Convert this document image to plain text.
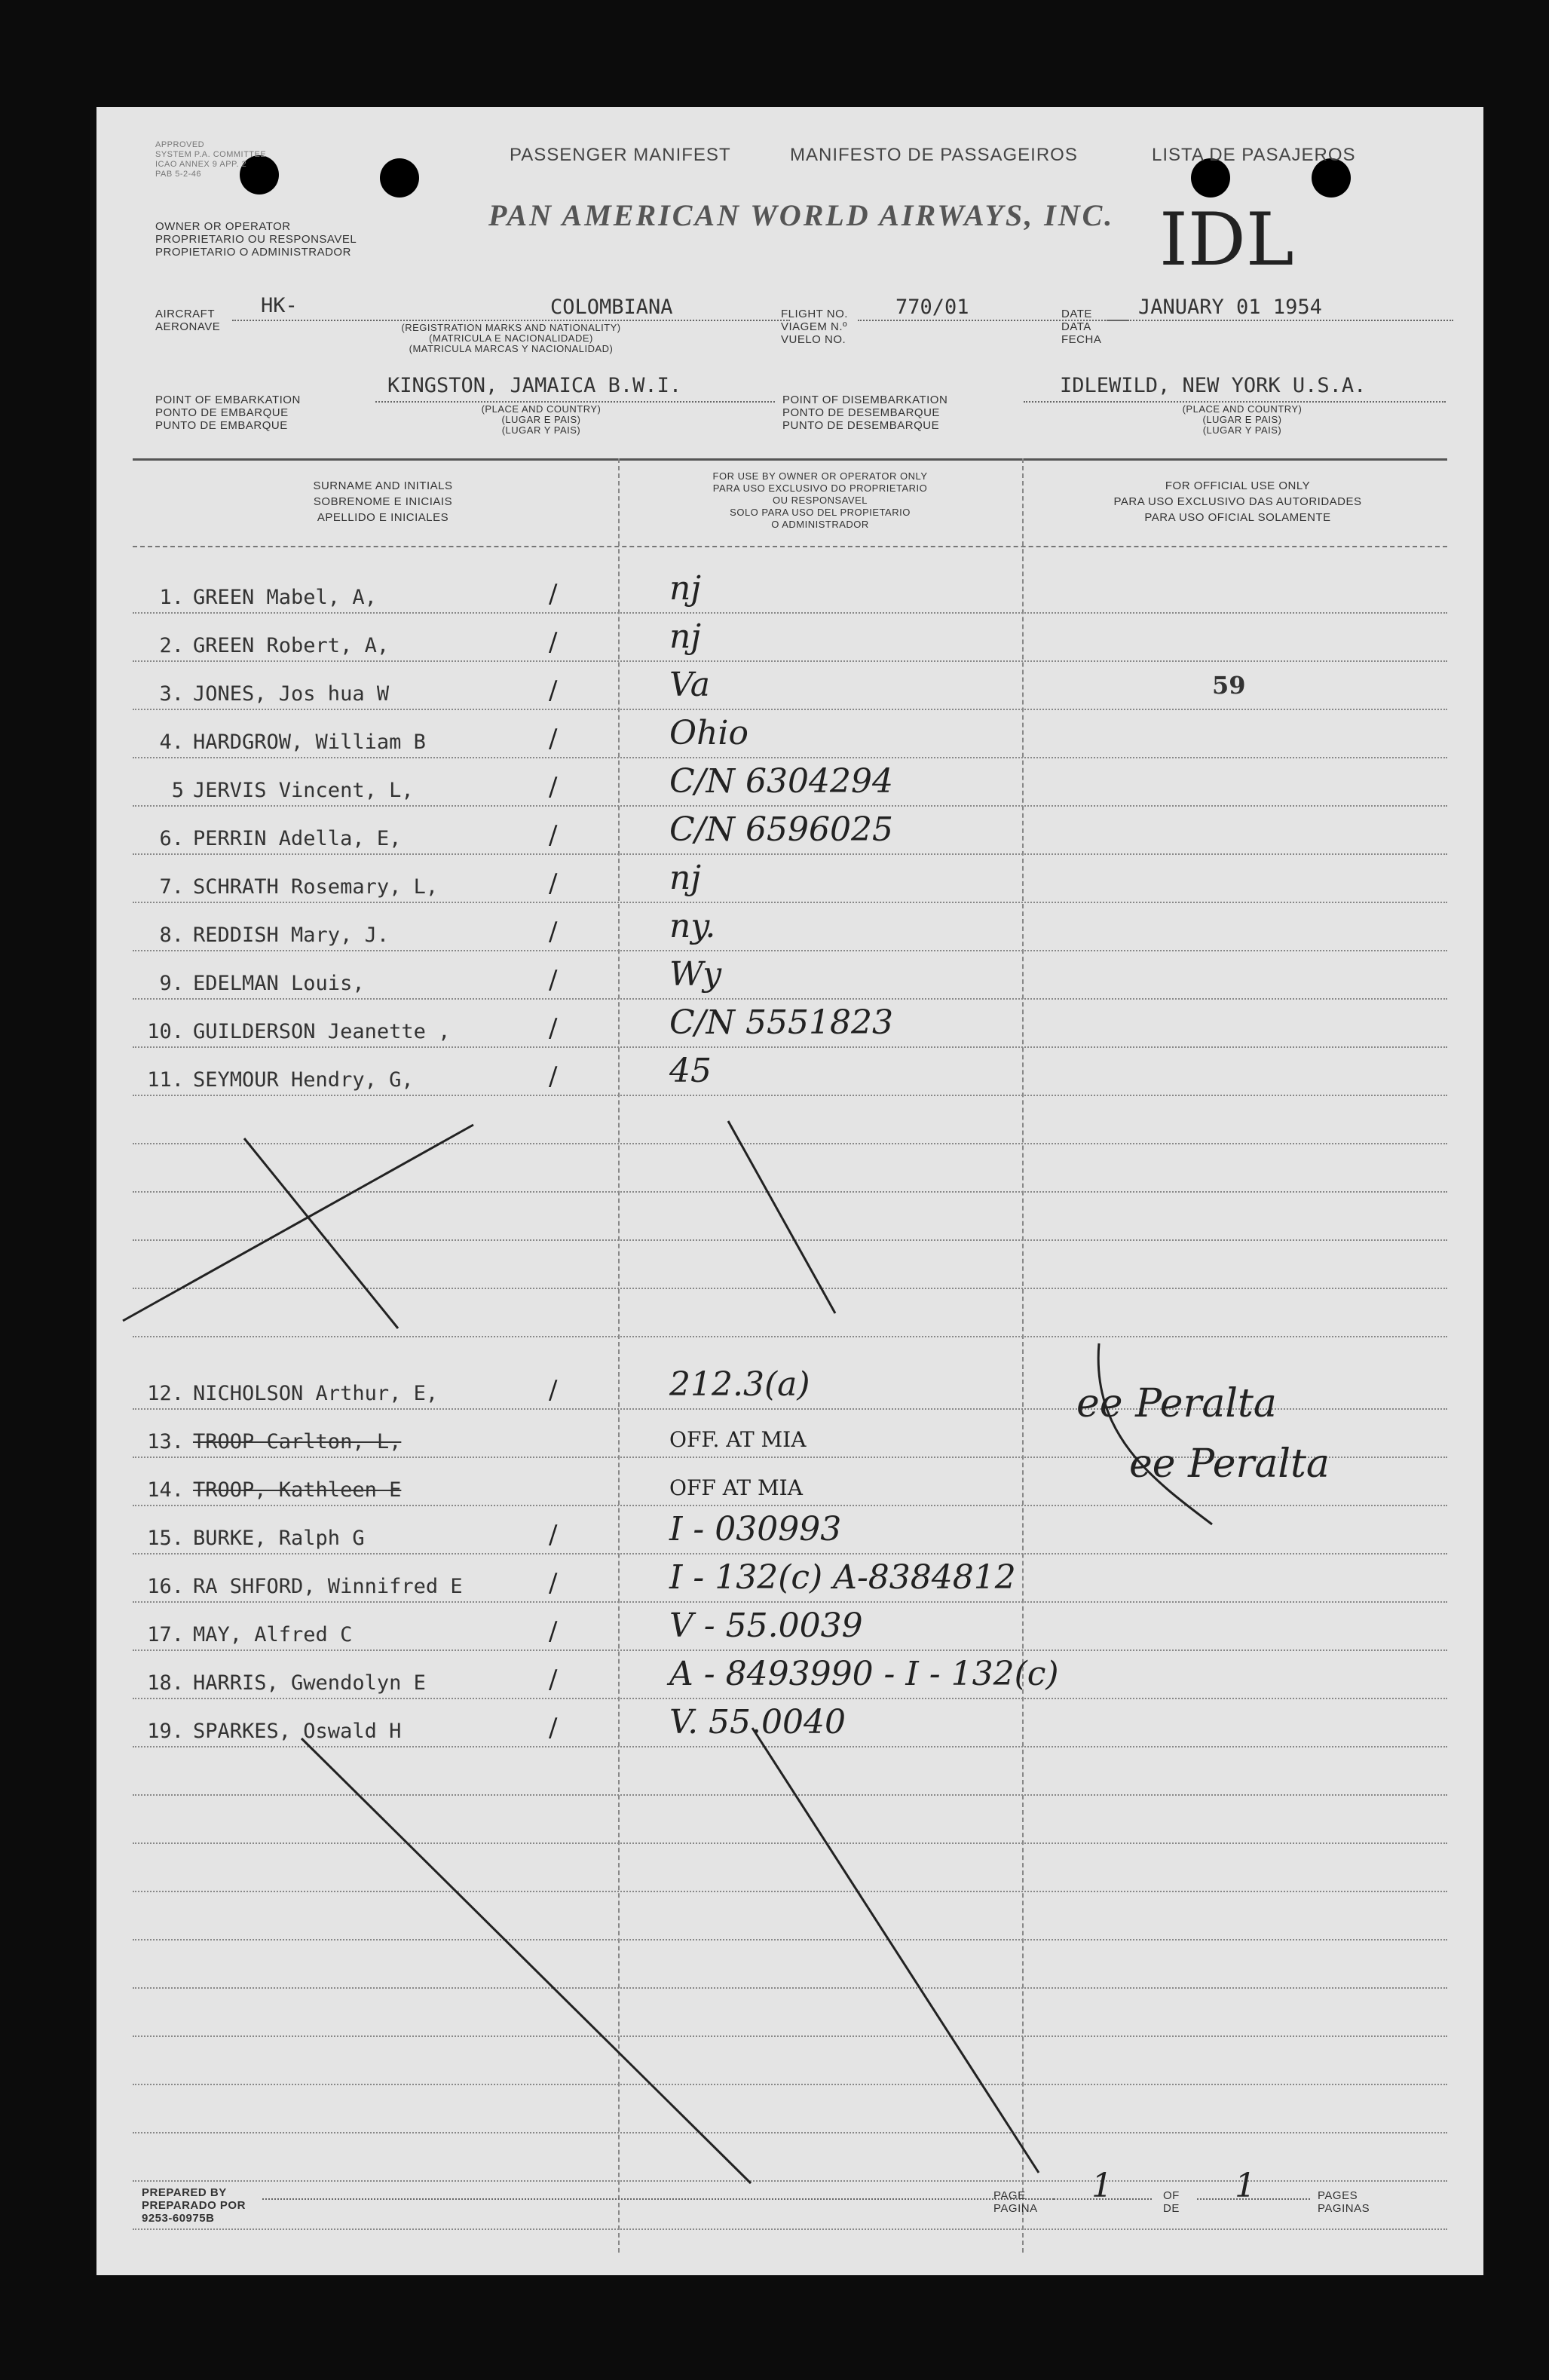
APPROVED
SYSTEM P.A. COMMITTEE
ICAO ANNEX 9 APP. 2
PAB 5-2-46
OWNER OR OPERATOR
PROPRIETARIO OU RESPONSAVEL
PROPIETARIO O ADMINISTRADOR
PASSENGER MANIFEST	MANIFESTO DE PASSAGEIROS	LISTA DE PASAJEROS
PAN AMERICAN WORLD AIRWAYS, INC. IDL
AIRCRAFT
AERONAVE
HK-	COLOMBIANA
(REGISTRATION MARKS AND NATIONALITY)
(MATRICULA E NACIONALIDADE)
(MATRICULA MARCAS Y NACIONALIDAD)
FLIGHT NO.
VIAGEM N.º
VUELO NO.
770/01	DATE
DATA
FECHA
JANUARY 01 1954
POINT OF EMBARKATION
PONTO DE EMBARQUE
PUNTO DE EMBARQUE
KINGSTON, JAMAICA B.W.I.
(PLACE AND COUNTRY)
(LUGAR E PAIS)
(LUGAR Y PAIS)
POINT OF DISEMBARKATION
PONTO DE DESEMBARQUE
PUNTO DE DESEMBARQUE
IDLEWILD, NEW YORK U.S.A.
(PLACE AND COUNTRY)
(LUGAR E PAIS)
(LUGAR Y PAIS)
SURNAME AND INITIALS
SOBRENOME E INICIAIS
APELLIDO E INICIALES
FOR USE BY OWNER OR OPERATOR ONLY
PARA USO EXCLUSIVO DO PROPRIETARIO
OU RESPONSAVEL
SOLO PARA USO DEL PROPIETARIO
O ADMINISTRADOR
FOR OFFICIAL USE ONLY
PARA USO EXCLUSIVO DAS AUTORIDADES
PARA USO OFICIAL SOLAMENTE
1. GREEN Mabel, A,	/	nj
2. GREEN Robert, A,	/	nj
3. JONES, Jos hua W	/	Va	59
4. HARDGROW, William B	/	Ohio
5 JERVIS Vincent, L,	/	C/N 6304294
6. PERRIN Adella, E,	/	C/N 6596025
7. SCHRATH Rosemary, L,	/	nj
8. REDDISH Mary, J.	/	ny.
9. EDELMAN Louis,	/	Wy
10. GUILDERSON Jeanette ,	/	C/N 5551823
11. SEYMOUR Hendry, G,	/	45
12. NICHOLSON Arthur, E,	/	212.3(a)
13. TROOP Carlton, L,	OFF. AT MIA
14. TROOP, Kathleen E	OFF AT MIA
15. BURKE, Ralph G	/	I - 030993
16. RA SHFORD, Winnifred E	/	I - 132(c) A-8384812
17. MAY, Alfred C	/	V - 55.0039
18. HARRIS, Gwendolyn E	/	A - 8493990 - I - 132(c)
19. SPARKES, Oswald H	/	V. 55.0040
ee Peralta
ee Peralta
PREPARED BY
PREPARADO POR
9253-60975B
PAGE
PAGINA
1	OF
DE
1	PAGES
PAGINAS
